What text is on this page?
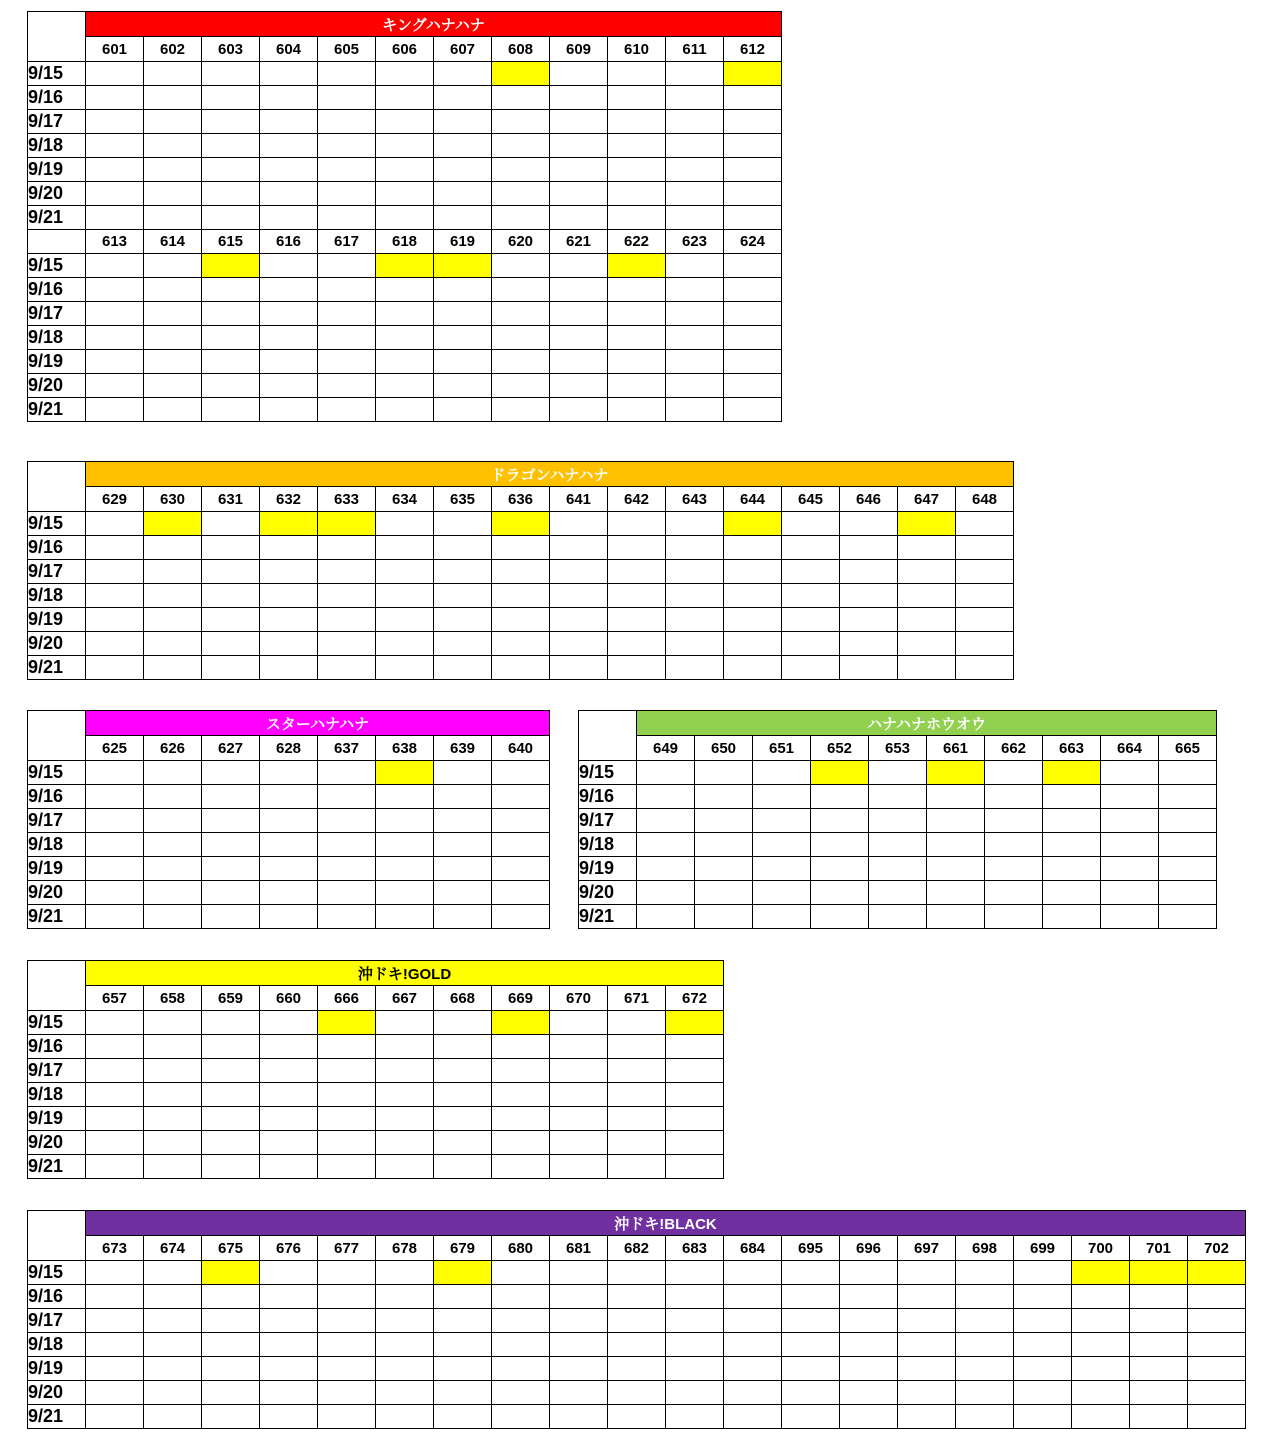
	キングハナハナ											
	601	602	603	604	605	606	607	608	609	610	611	612
9/15												
9/16												
9/17												
9/18												
9/19												
9/20												
9/21												
	613	614	615	616	617	618	619	620	621	622	623	624
9/15												
9/16												
9/17												
9/18												
9/19												
9/20												
9/21												
	ドラゴンハナハナ															
	629	630	631	632	633	634	635	636	641	642	643	644	645	646	647	648
9/15																
9/16																
9/17																
9/18																
9/19																
9/20																
9/21																
	スターハナハナ							
	625	626	627	628	637	638	639	640
9/15								
9/16								
9/17								
9/18								
9/19								
9/20								
9/21								
	ハナハナホウオウ									
	649	650	651	652	653	661	662	663	664	665
9/15										
9/16										
9/17										
9/18										
9/19										
9/20										
9/21										
	沖ドキ!GOLD										
	657	658	659	660	666	667	668	669	670	671	672
9/15											
9/16											
9/17											
9/18											
9/19											
9/20											
9/21											
	沖ドキ!BLACK																			
	673	674	675	676	677	678	679	680	681	682	683	684	695	696	697	698	699	700	701	702
9/15																				
9/16																				
9/17																				
9/18																				
9/19																				
9/20																				
9/21																				
